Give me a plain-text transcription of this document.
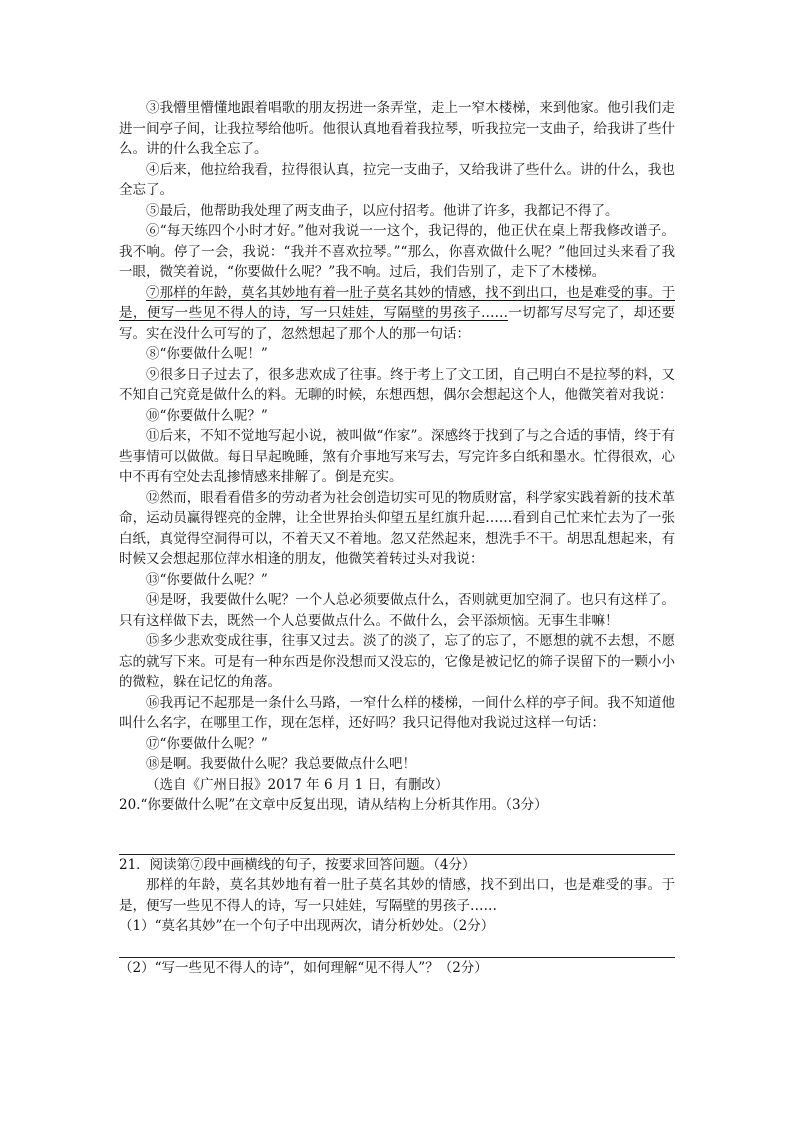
③我懵里懵懂地跟着唱歌的朋友拐进一条弄堂，走上一窄木楼梯，来到他家。他引我们走进一间亭子间，让我拉琴给他听。他很认真地看着我拉琴，听我拉完一支曲子，给我讲了些什么。讲的什么我全忘了。

④后来，他拉给我看，拉得很认真，拉完一支曲子，又给我讲了些什么。讲的什么，我也全忘了。

⑤最后，他帮助我处理了两支曲子，以应付招考。他讲了许多，我都记不得了。

⑥“每天练四个小时才好。”他对我说一一这个，我记得的，他正伏在桌上帮我修改谱子。我不响。停了一会，我说：“我并不喜欢拉琴。”“那么，你喜欢做什么呢？”他回过头来看了我一眼，微笑着说，“你要做什么呢？”我不响。过后，我们告别了，走下了木楼梯。

⑦那样的年龄，莫名其妙地有着一肚子莫名其妙的情感，找不到出口，也是难受的事。于是，便写一些见不得人的诗，写一只娃娃，写隔壁的男孩子……一切都写尽写完了，却还要写。实在没什么可写的了，忽然想起了那个人的那一句话：

⑧“你要做什么呢！”

⑨很多日子过去了，很多悲欢成了往事。终于考上了文工团，自己明白不是拉琴的料，又不知自己究竟是做什么的料。无聊的时候，东想西想，偶尔会想起这个人，他微笑着对我说：

⑩“你要做什么呢？”

⑪后来，不知不觉地写起小说，被叫做“作家”。深感终于找到了与之合适的事情，终于有些事情可以做做。每日早起晚睡，煞有介事地写来写去，写完许多白纸和墨水。忙得很欢，心中不再有空处去乱掺情感来排解了。倒是充实。

⑫然而，眼看看借多的劳动者为社会创造切实可见的物质财富，科学家实践着新的技术革命，运动员赢得铿亮的金牌，让全世界抬头仰望五星红旗升起……看到自己忙来忙去为了一张白纸，真觉得空洞得可以，不着天又不着地。忽又茫然起来，想洗手不干。胡思乱想起来，有时候又会想起那位萍水相逢的朋友，他微笑着转过头对我说：

⑬“你要做什么呢？”

⑭是呀，我要做什么呢？一个人总必须要做点什么，否则就更加空洞了。也只有这样了。只有这样做下去，既然一个人总要做点什么。不做什么，会平添烦恼。无事生非嘛！

⑮多少悲欢变成往事，往事又过去。淡了的淡了，忘了的忘了，不愿想的就不去想，不愿忘的就写下来。可是有一种东西是你没想而又没忘的，它像是被记忆的筛子误留下的一颗小小的微粒，躲在记忆的角落。

⑯我再记不起那是一条什么马路，一窄什么样的楼梯，一间什么样的亭子间。我不知道他叫什么名字，在哪里工作，现在怎样，还好吗？我只记得他对我说过这样一句话：

⑰“你要做什么呢？”

⑱是啊。我要做什么呢？我总要做点什么吧！

（选自《广州日报》2017 年 6 月 1 日，有删改）

20.“你要做什么呢”在文章中反复出现，请从结构上分析其作用。（3分）

21．阅读第⑦段中画横线的句子，按要求回答问题。（4分）

那样的年龄，莫名其妙地有着一肚子莫名其妙的情感，找不到出口，也是难受的事。于是，便写一些见不得人的诗，写一只娃娃，写隔壁的男孩子……

（1）“莫名其妙”在一个句子中出现两次，请分析妙处。（2分）

（2）“写一些见不得人的诗”，如何理解“见不得人”？（2分）
